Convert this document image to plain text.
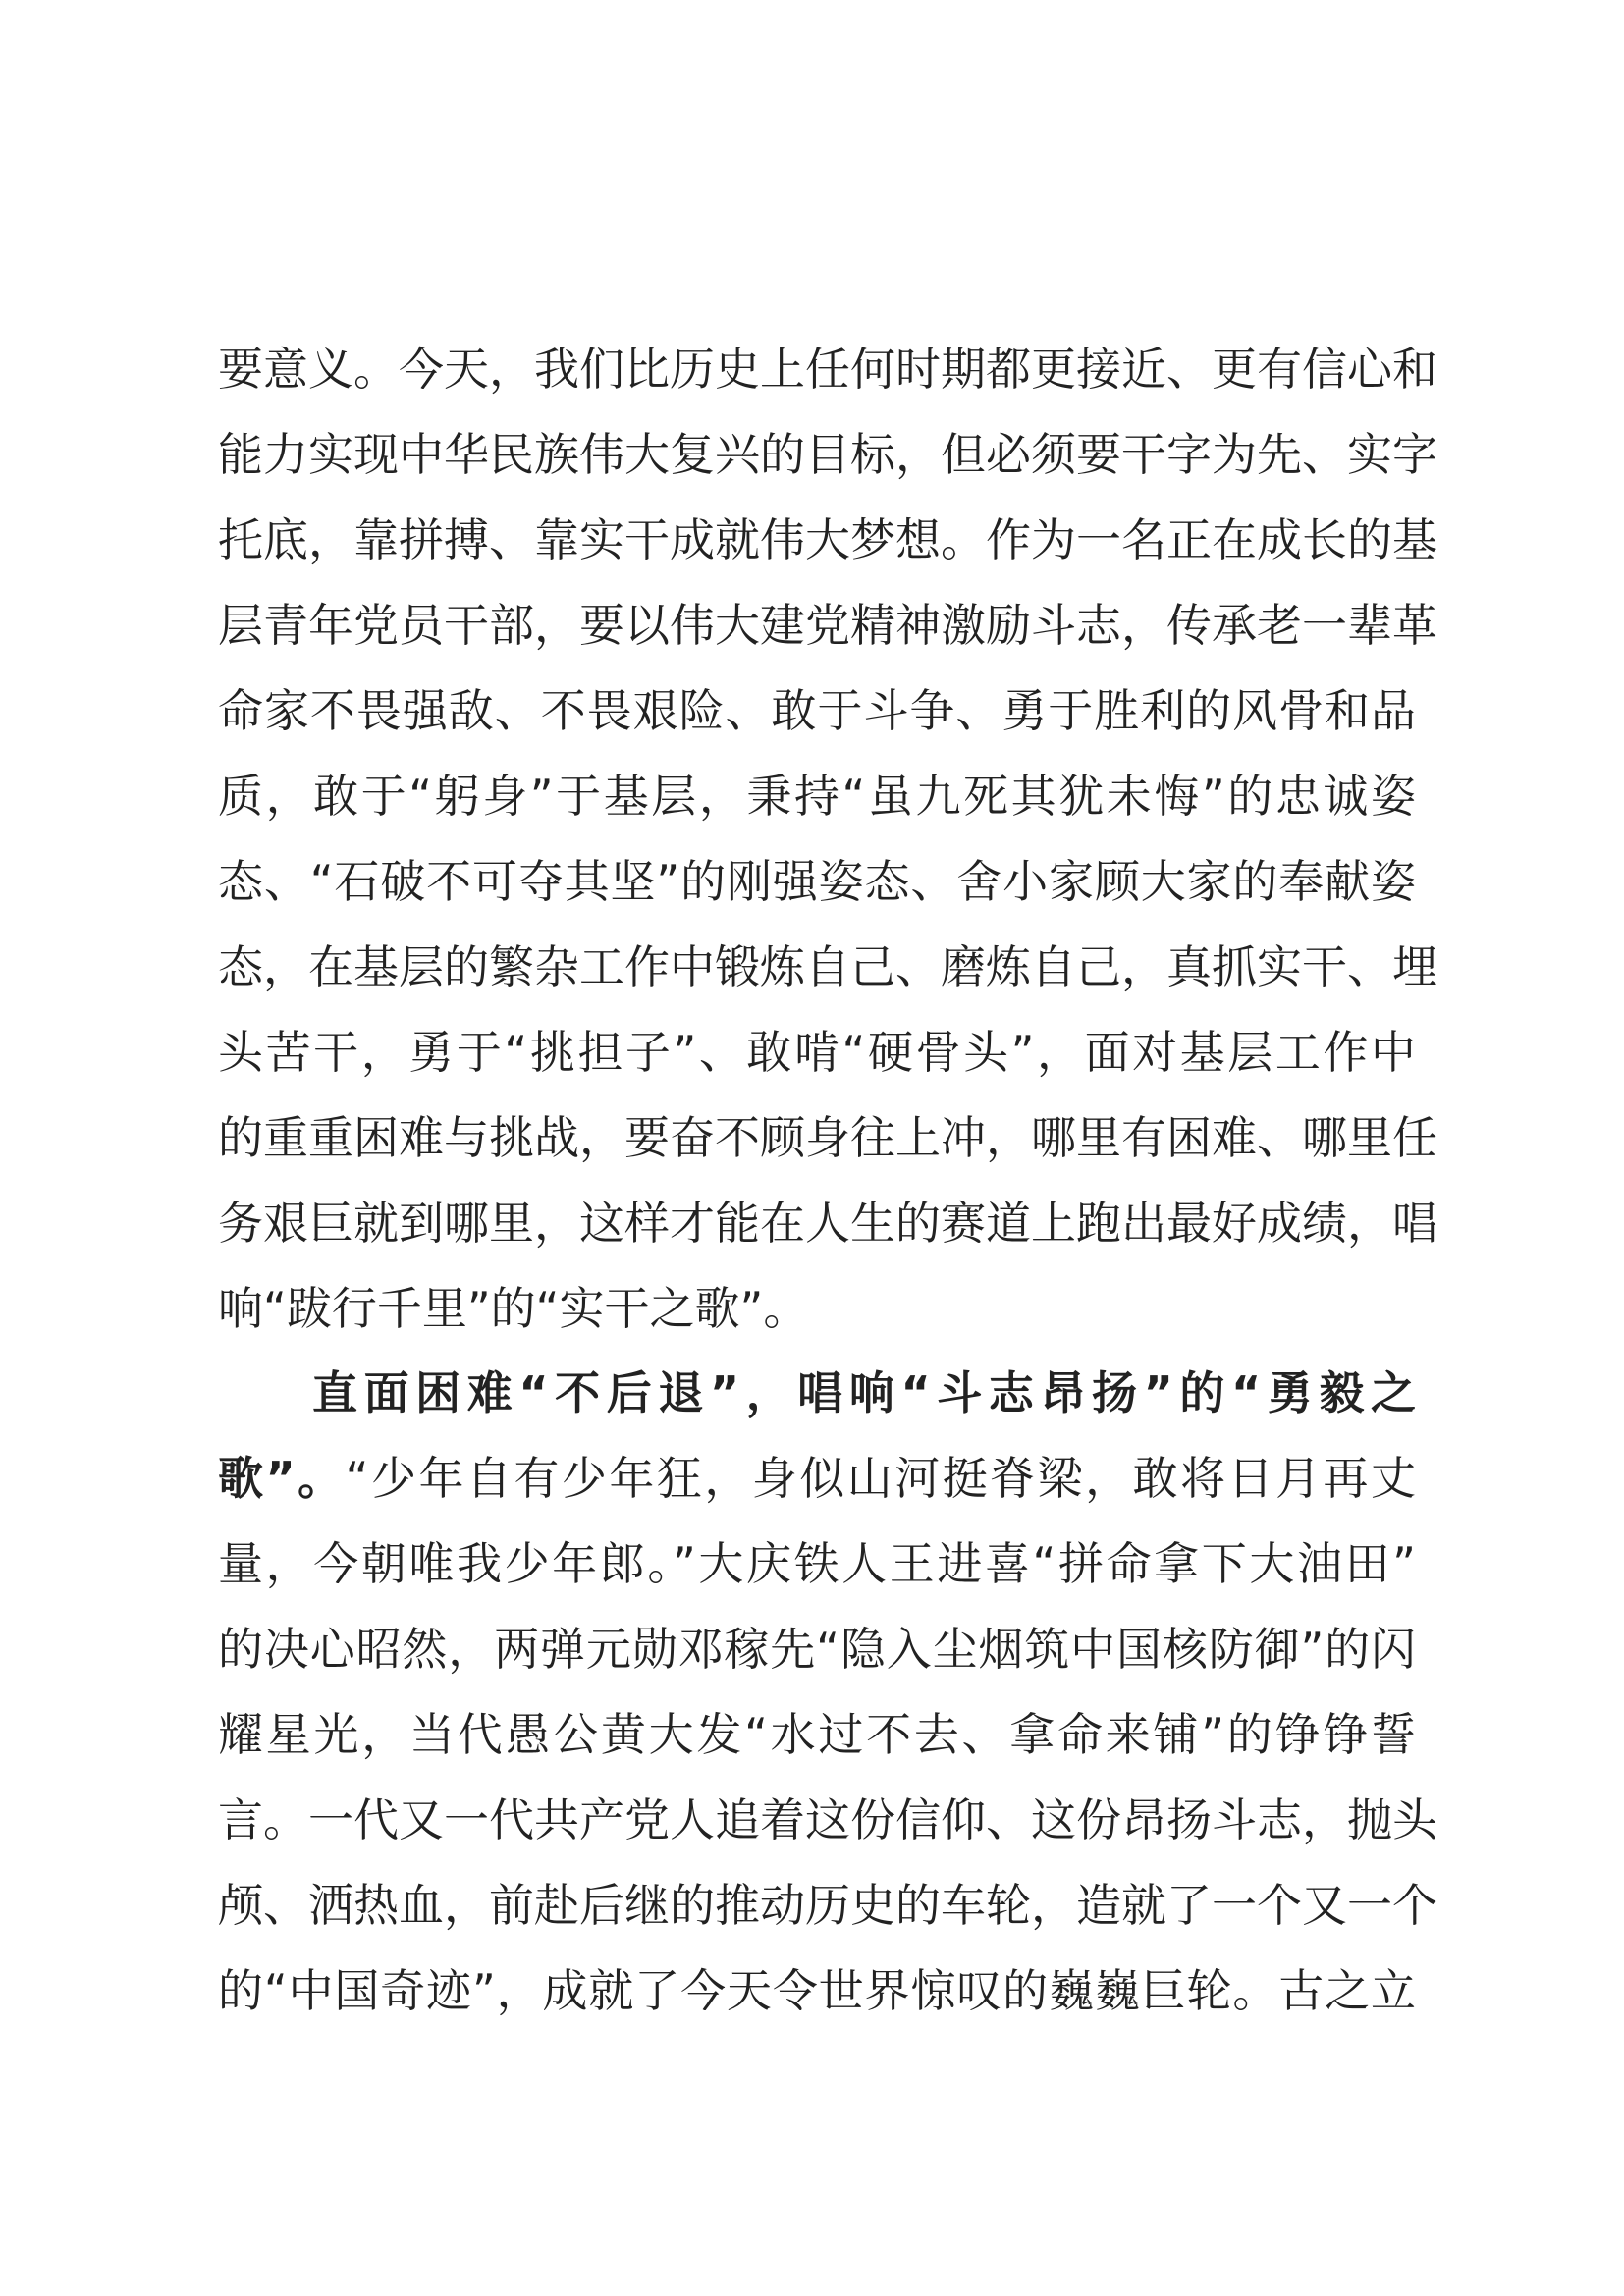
要意义。今天，我们比历史上任何时期都更接近、更有信心和
能力实现中华民族伟大复兴的目标，但必须要干字为先、实字
托底，靠拼搏、靠实干成就伟大梦想。作为一名正在成长的基
层青年党员干部，要以伟大建党精神激励斗志，传承老一辈革
命家不畏强敌、不畏艰险、敢于斗争、勇于胜利的风骨和品
质，敢于“躬身”于基层，秉持“虽九死其犹未悔”的忠诚姿
态、“石破不可夺其坚”的刚强姿态、舍小家顾大家的奉献姿
态，在基层的繁杂工作中锻炼自己、磨炼自己，真抓实干、埋
头苦干，勇于“挑担子”、敢啃“硬骨头”，面对基层工作中
的重重困难与挑战，要奋不顾身往上冲，哪里有困难、哪里任
务艰巨就到哪里，这样才能在人生的赛道上跑出最好成绩，唱
响“跋行千里”的“实干之歌”。
直面困难“不后退”，唱响“斗志昂扬”的“勇毅之
歌”。“少年自有少年狂，身似山河挺脊梁，敢将日月再丈
量，今朝唯我少年郎。”大庆铁人王进喜“拼命拿下大油田”
的决心昭然，两弹元勋邓稼先“隐入尘烟筑中国核防御”的闪
耀星光，当代愚公黄大发“水过不去、拿命来铺”的铮铮誓
言。一代又一代共产党人追着这份信仰、这份昂扬斗志，抛头
颅、洒热血，前赴后继的推动历史的车轮，造就了一个又一个
的“中国奇迹”，成就了今天令世界惊叹的巍巍巨轮。古之立
